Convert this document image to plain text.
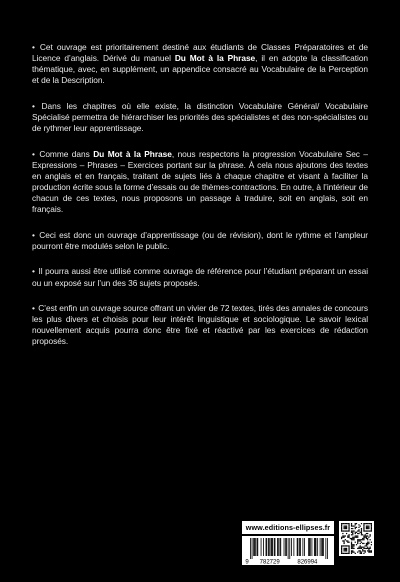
• Cet ouvrage est prioritairement destiné aux étudiants de Classes Préparatoires et de Licence d’anglais. Dérivé du manuel Du Mot à la Phrase, il en adopte la classification thématique, avec, en supplément, un appendice consacré au Vocabulaire de la Perception et de la Description.

• Dans les chapitres où elle existe, la distinction Vocabulaire Général/ Vocabulaire Spécialisé permettra de hiérarchiser les priorités des spécialistes et des non-spécialistes ou de rythmer leur apprentissage.

• Comme dans Du Mot à la Phrase, nous respectons la progression Vocabulaire Sec – Expressions – Phrases – Exercices portant sur la phrase. À cela nous ajoutons des textes en anglais et en français, traitant de sujets liés à chaque chapitre et visant à faciliter la production écrite sous la forme d’essais ou de thèmes-contractions. En outre, à l’intérieur de chacun de ces textes, nous proposons un passage à traduire, soit en anglais, soit en français.

• Ceci est donc un ouvrage d’apprentissage (ou de révision), dont le rythme et l’ampleur pourront être modulés selon le public.

• Il pourra aussi être utilisé comme ouvrage de référence pour l’étudiant préparant un essai ou un exposé sur l’un des 36 sujets proposés.

• C’est enfin un ouvrage source offrant un vivier de 72 textes, tirés des annales de concours les plus divers et choisis pour leur intérêt linguistique et sociologique. Le savoir lexical nouvellement acquis pourra donc être fixé et réactivé par les exercices de rédaction proposés.

www.editions-ellipses.fr
9 782729	826994
